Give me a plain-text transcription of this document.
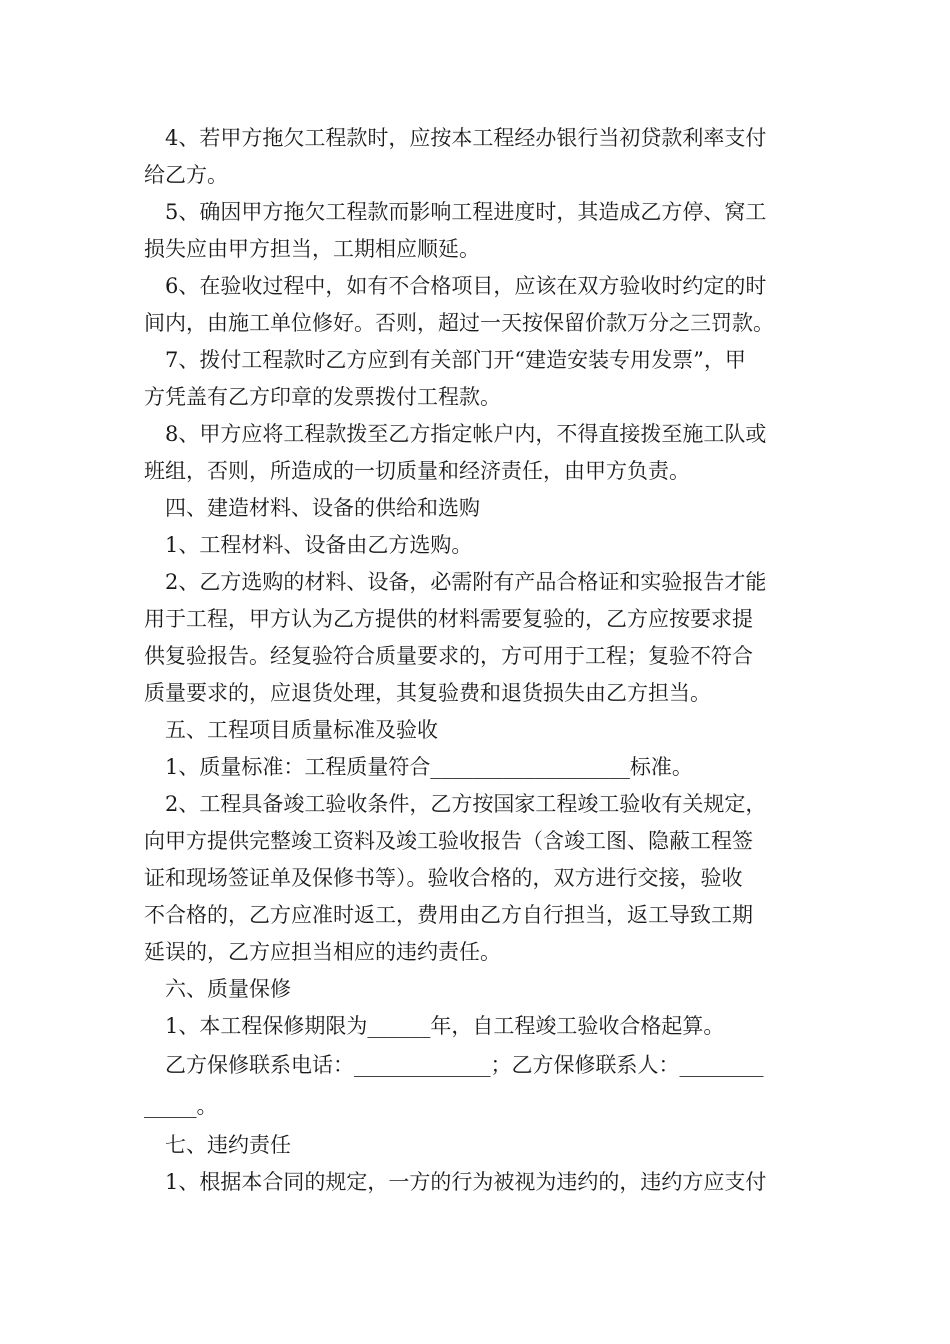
4、若甲方拖欠工程款时，应按本工程经办银行当初贷款利率支付
给乙方。
5、确因甲方拖欠工程款而影响工程进度时，其造成乙方停、窝工
损失应由甲方担当，工期相应顺延。
6、在验收过程中，如有不合格项目，应该在双方验收时约定的时
间内，由施工单位修好。否则，超过一天按保留价款万分之三罚款。
7、拨付工程款时乙方应到有关部门开“建造安装专用发票”，甲
方凭盖有乙方印章的发票拨付工程款。
8、甲方应将工程款拨至乙方指定帐户内，不得直接拨至施工队或
班组，否则，所造成的一切质量和经济责任，由甲方负责。
四、建造材料、设备的供给和选购
1、工程材料、设备由乙方选购。
2、乙方选购的材料、设备，必需附有产品合格证和实验报告才能
用于工程，甲方认为乙方提供的材料需要复验的，乙方应按要求提
供复验报告。经复验符合质量要求的，方可用于工程；复验不符合
质量要求的，应退货处理，其复验费和退货损失由乙方担当。
五、工程项目质量标准及验收
1、质量标准：工程质量符合___________________标准。
2、工程具备竣工验收条件，乙方按国家工程竣工验收有关规定，
向甲方提供完整竣工资料及竣工验收报告（含竣工图、隐蔽工程签
证和现场签证单及保修书等）。验收合格的，双方进行交接，验收
不合格的，乙方应准时返工，费用由乙方自行担当，返工导致工期
延误的，乙方应担当相应的违约责任。
六、质量保修
1、本工程保修期限为______年，自工程竣工验收合格起算。
乙方保修联系电话：_____________；乙方保修联系人：________
_____。
七、违约责任
1、根据本合同的规定，一方的行为被视为违约的，违约方应支付
